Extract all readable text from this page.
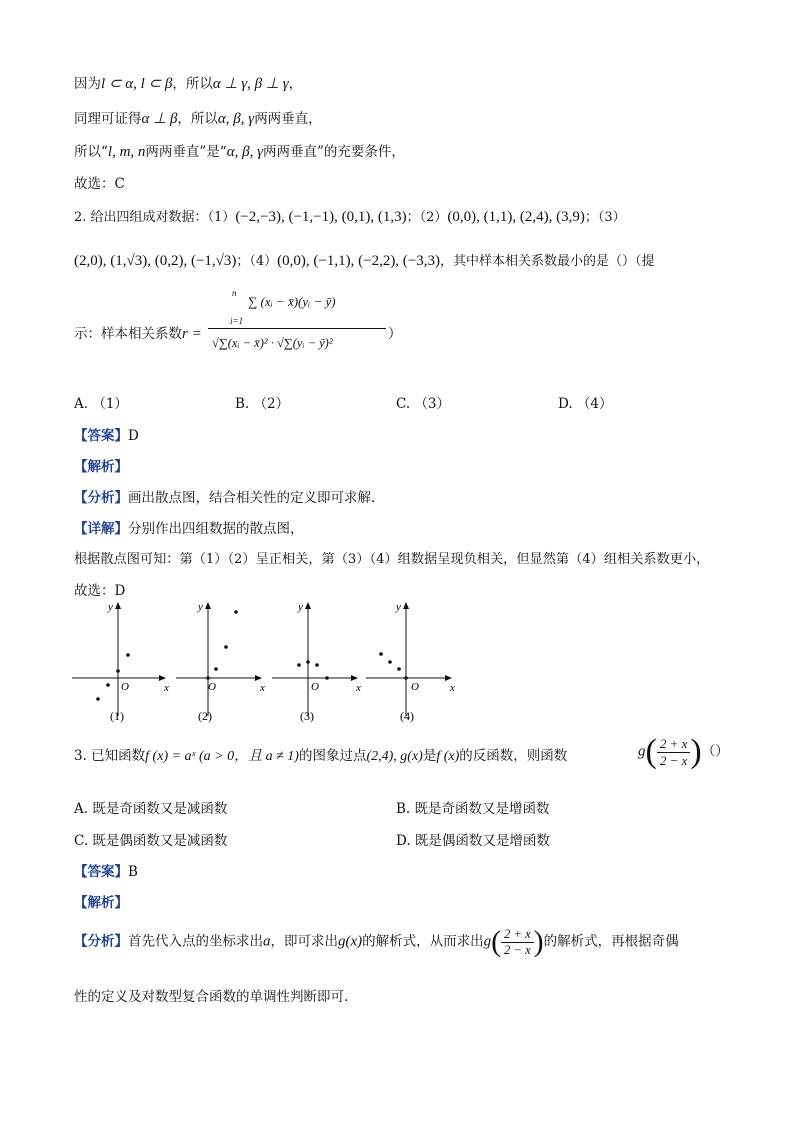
因为l ⊂ α, l ⊂ β，所以α ⊥ γ, β ⊥ γ，
同理可证得α ⊥ β，所以α, β, γ两两垂直，
所以“l, m, n两两垂直”是“α, β, γ两两垂直”的充要条件，
故选：C
2. 给出四组成对数据：（1）(−2,−3), (−1,−1), (0,1), (1,3)；（2）(0,0), (1,1), (2,4), (3,9)；（3）
(2,0), (1,√3), (0,2), (−1,√3)；（4）(0,0), (−1,1), (−2,2), (−3,3)，其中样本相关系数最小的是（）（提
示：样本相关系数r =
n
∑ (xᵢ − x̄)(yᵢ − ȳ)
i=1
√∑(xᵢ − x̄)² · √∑(yᵢ − ȳ)²
）
A. （1）	B. （2）	C. （3）	D. （4）
【答案】D
【解析】
【分析】画出散点图，结合相关性的定义即可求解.
【详解】分别作出四组数据的散点图，
根据散点图可知：第（1）（2）呈正相关，第（3）（4）组数据呈现负相关，但显然第（4）组相关系数更小，
故选：D
y
x
O
y
x
O
y
x
O
y
x
O
(1)	(2)	(3)	(4)
3. 已知函数f (x) = aˣ (a > 0，且 a ≠ 1)的图象过点(2,4), g(x)是f (x)的反函数，则函数	$g( \frac{2 + x}{2 - x}$ )（）
A. 既是奇函数又是减函数	B. 既是奇函数又是增函数
C. 既是偶函数又是减函数	D. 既是偶函数又是增函数
【答案】B
【解析】
【分析】首先代入点的坐标求出a，即可求出g(x)的解析式，从而求出$g( \frac{2 + x}{2 - x}$ )的解析式，再根据奇偶
性的定义及对数型复合函数的单调性判断即可.
